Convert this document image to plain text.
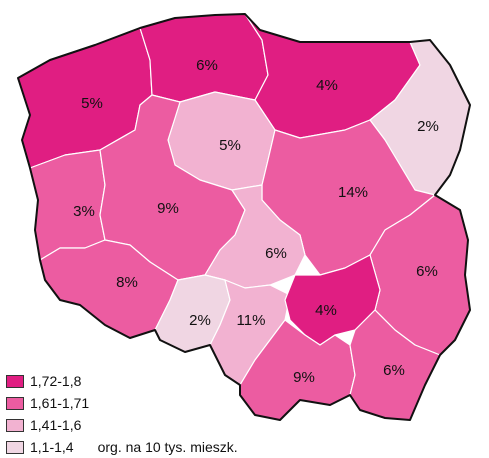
5%
6%
4%
2%
5%
3%	9%
14%
6%
6%
8%
2% 11%
4%
9%	6%
1,72-1,8
1,61-1,71
1,41-1,6
1,1-1,4 org. na 10 tys. mieszk.
